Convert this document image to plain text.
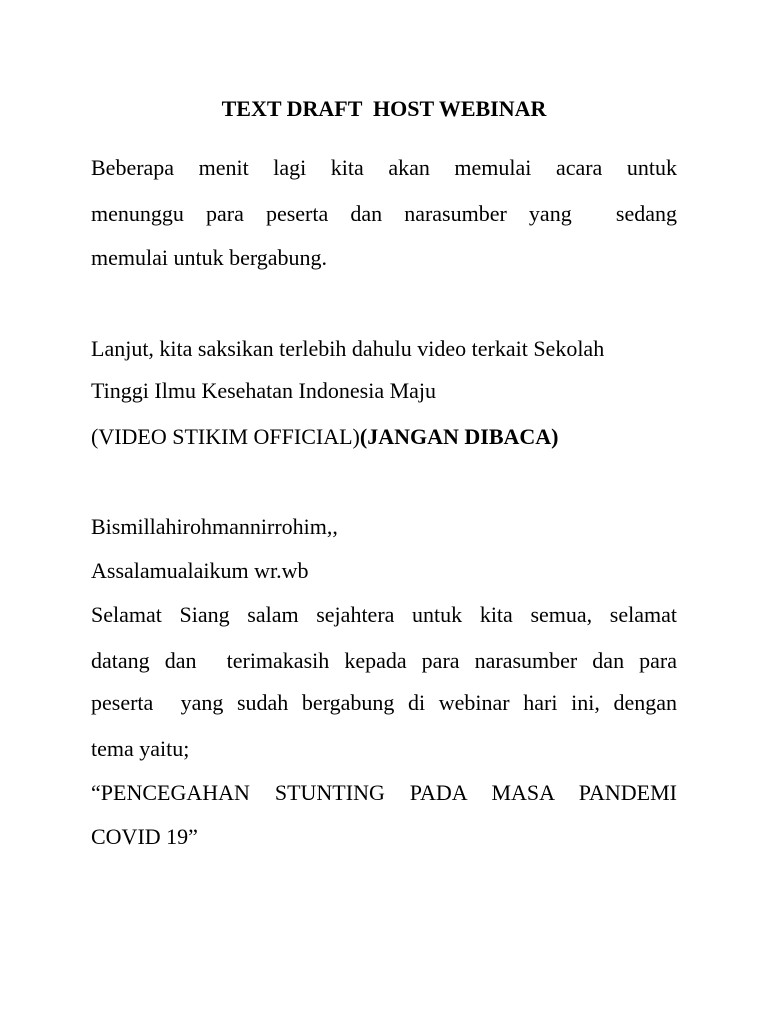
TEXT DRAFT  HOST WEBINAR
Beberapa menit lagi kita akan memulai acara untuk
menunggu para peserta dan narasumber yang  sedang
memulai untuk bergabung.
Lanjut, kita saksikan terlebih dahulu video terkait Sekolah
Tinggi Ilmu Kesehatan Indonesia Maju
(VIDEO STIKIM OFFICIAL)(JANGAN DIBACA)
Bismillahirohmannirrohim,,
Assalamualaikum wr.wb
Selamat Siang salam sejahtera untuk kita semua, selamat
datang dan  terimakasih kepada para narasumber dan para
peserta  yang sudah bergabung di webinar hari ini, dengan
tema yaitu;
“PENCEGAHAN STUNTING PADA MASA PANDEMI
COVID 19”
